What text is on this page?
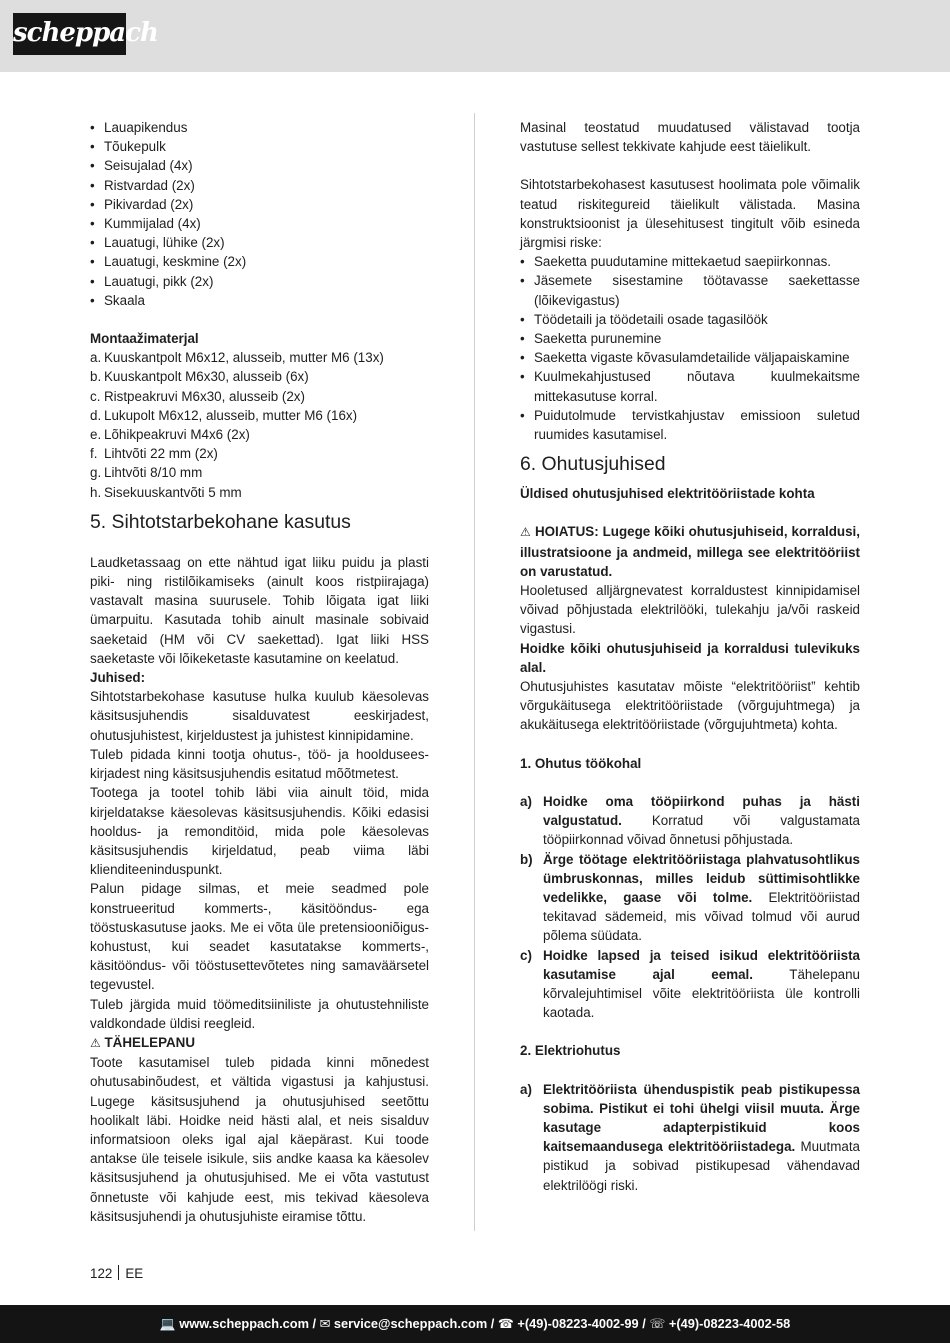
scheppach
• Lauapikendus
• Tõukepulk
• Seisujalad (4x)
• Ristvardad (2x)
• Pikivardad (2x)
• Kummijalad (4x)
• Lauatugi, lühike (2x)
• Lauatugi, keskmine (2x)
• Lauatugi, pikk (2x)
• Skaala
Montaažimaterjal
a. Kuuskantpolt M6x12, alusseib, mutter M6 (13x)
b. Kuuskantpolt M6x30, alusseib (6x)
c. Ristpeakruvi M6x30, alusseib (2x)
d. Lukupolt M6x12, alusseib, mutter M6 (16x)
e. Lõhikpeakruvi M4x6 (2x)
f. Lihtvõti 22 mm (2x)
g. Lihtvõti 8/10 mm
h. Sisekuuskantvõti 5 mm
5. Sihtotstarbekohane kasutus

Laudketassaag on ette nähtud igat liiku puidu ja plasti piki- ning ristilõikamiseks (ainult koos ristpiirajaga) vastavalt masina suurusele. Tohib lõigata igat liiki ümarpuitu. Kasutada tohib ainult masinale sobivaid saeketaid (HM või CV saekettad). Igat liiki HSS saeketaste või lõikeketaste kasutamine on keelatud.

Juhised:

Sihtotstarbekohase kasutuse hulka kuulub käesolevas käsitsusjuhendis sisalduvatest eeskirjadest, ohutusjuhistest, kirjeldustest ja juhistest kinnipidamine.

Tuleb pidada kinni tootja ohutus-, töö- ja hoolduseeskirjadest ning käsitsusjuhendis esitatud mõõtmetest.

Tootega ja tootel tohib läbi viia ainult töid, mida kirjeldatakse käesolevas käsitsusjuhendis. Kõiki edasisi hooldus- ja remonditöid, mida pole käesolevas käsitsusjuhendis kirjeldatud, peab viima läbi klienditeeninduspunkt.

Palun pidage silmas, et meie seadmed pole konstrueeritud kommerts-, käsitööndus- ega tööstuskasutuse jaoks. Me ei võta üle pretensiooniõiguskohustust, kui seadet kasutatakse kommerts-, käsitööndus- või tööstusettevõtetes ning samaväärsetel tegevustel.

Tuleb järgida muid töömeditsiiniliste ja ohutustehniliste valdkondade üldisi reegleid.

⚠ TÄHELEPANU

Toote kasutamisel tuleb pidada kinni mõnedest ohutusabinõudest, et vältida vigastusi ja kahjustusi. Lugege käsitsusjuhend ja ohutusjuhised seetõttu hoolikalt läbi. Hoidke neid hästi alal, et neis sisalduv informatsioon oleks igal ajal käepärast. Kui toode antakse üle teisele isikule, siis andke kaasa ka käesolev käsitsusjuhend ja ohutusjuhised. Me ei võta vastutust õnnetuste või kahjude eest, mis tekivad käesoleva käsitsusjuhendi ja ohutusjuhiste eiramise tõttu.

Masinal teostatud muudatused välistavad tootja vastutuse sellest tekkivate kahjude eest täielikult.

Sihtotstarbekohasest kasutusest hoolimata pole võimalik teatud riskitegureid täielikult välistada. Masina konstruktsioonist ja ülesehitusest tingitult võib esineda järgmisi riske:

• Saeketta puudutamine mittekaetud saepiirkonnas.
• Jäsemete sisestamine töötavasse saekettasse (lõikevigastus)
• Töödetaili ja töödetaili osade tagasilöök
• Saeketta purunemine
• Saeketta vigaste kõvasulamdetailide väljapaiskamine
• Kuulmekahjustused nõutava kuulmekaitsme mittekasutuse korral.
• Puidutolmude tervistkahjustav emissioon suletud ruumides kasutamisel.
6. Ohutusjuhised

Üldised ohutusjuhised elektritööriistade kohta

⚠ HOIATUS: Lugege kõiki ohutusjuhiseid, korraldusi, illustratsioone ja andmeid, millega see elektritööriist on varustatud.

Hooletused alljärgnevatest korraldustest kinnipidamisel võivad põhjustada elektrilööki, tulekahju ja/või raskeid vigastusi.

Hoidke kõiki ohutusjuhiseid ja korraldusi tulevikuks alal.

Ohutusjuhistes kasutatav mõiste “elektritööriist” kehtib võrgukäitusega elektritööriistade (võrgujuhtmega) ja akukäitusega elektritööriistade (võrgujuhtmeta) kohta.

1. Ohutus töökohal

a) Hoidke oma tööpiirkond puhas ja hästi valgustatud. Korratud või valgustamata tööpiirkonnad võivad õnnetusi põhjustada.
b) Ärge töötage elektritööriistaga plahvatusohtlikus ümbruskonnas, milles leidub süttimisohtlikke vedelikke, gaase või tolme. Elektritööriistad tekitavad sädemeid, mis võivad tolmud või aurud põlema süüdata.
c) Hoidke lapsed ja teised isikud elektritööriista kasutamise ajal eemal. Tähelepanu kõrvalejuhtimisel võite elektritööriista üle kontrolli kaotada.

2. Elektriohutus

a) Elektritööriista ühenduspistik peab pistikupessa sobima. Pistikut ei tohi ühelgi viisil muuta. Ärge kasutage adapterpistikuid koos kaitsemaandusega elektritööriistadega. Muutmata pistikud ja sobivad pistikupesad vähendavad elektrilöögi riski.
122 EE
💻 www.scheppach.com / ✉ service@scheppach.com / ☎ +(49)-08223-4002-99 / ☏ +(49)-08223-4002-58
